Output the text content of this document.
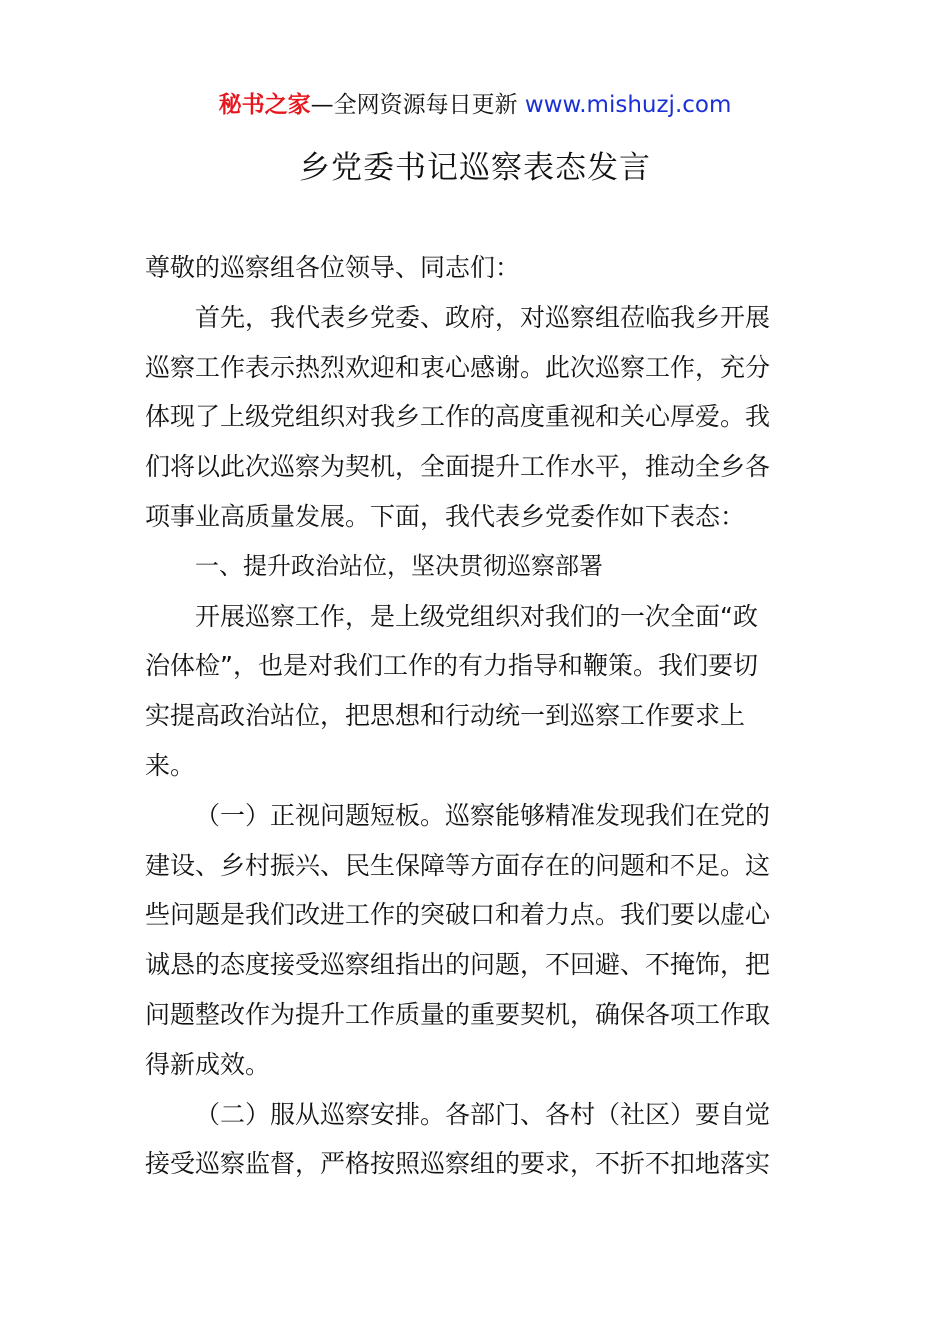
秘书之家—全网资源每日更新 www.mishuzj.com
乡党委书记巡察表态发言
尊敬的巡察组各位领导、同志们：
首先，我代表乡党委、政府，对巡察组莅临我乡开展
巡察工作表示热烈欢迎和衷心感谢。此次巡察工作，充分
体现了上级党组织对我乡工作的高度重视和关心厚爱。我
们将以此次巡察为契机，全面提升工作水平，推动全乡各
项事业高质量发展。下面，我代表乡党委作如下表态：
一、提升政治站位，坚决贯彻巡察部署
开展巡察工作，是上级党组织对我们的一次全面“政
治体检”，也是对我们工作的有力指导和鞭策。我们要切
实提高政治站位，把思想和行动统一到巡察工作要求上
来。
（一）正视问题短板。巡察能够精准发现我们在党的
建设、乡村振兴、民生保障等方面存在的问题和不足。这
些问题是我们改进工作的突破口和着力点。我们要以虚心
诚恳的态度接受巡察组指出的问题，不回避、不掩饰，把
问题整改作为提升工作质量的重要契机，确保各项工作取
得新成效。
（二）服从巡察安排。各部门、各村（社区）要自觉
接受巡察监督，严格按照巡察组的要求，不折不扣地落实
